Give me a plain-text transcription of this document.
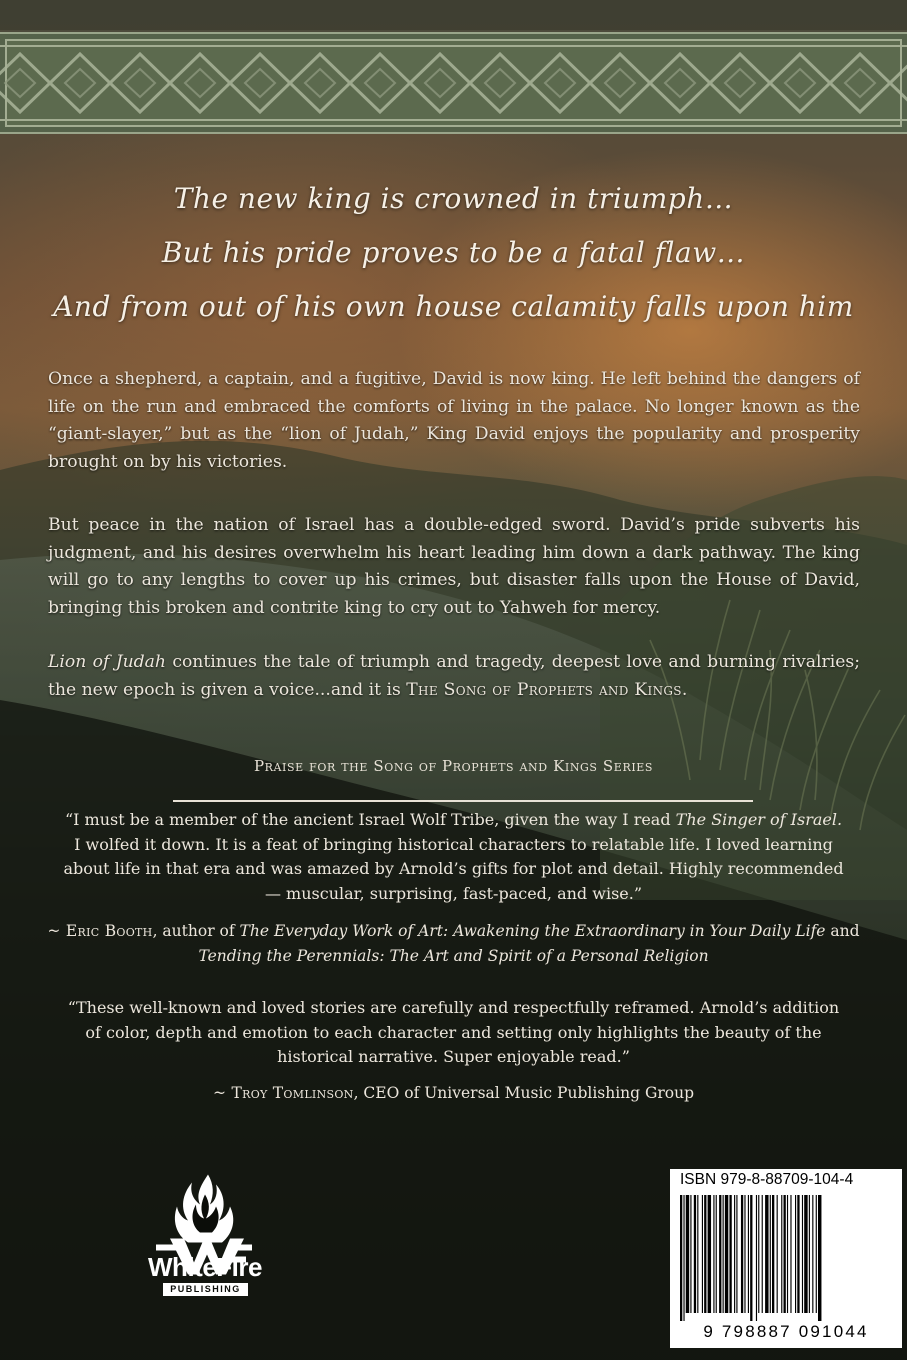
The new king is crowned in triumph…
But his pride proves to be a fatal flaw…
And from out of his own house calamity falls upon him
Once a shepherd, a captain, and a fugitive, David is now king. He left behind the dangers of life on the run and embraced the comforts of living in the palace. No longer known as the “giant-slayer,” but as the “lion of Judah,” King David enjoys the popularity and prosperity brought on by his victories.
But peace in the nation of Israel has a double-edged sword. David’s pride subverts his judgment, and his desires overwhelm his heart leading him down a dark pathway. The king will go to any lengths to cover up his crimes, but disaster falls upon the House of David, bringing this broken and contrite king to cry out to Yahweh for mercy.
Lion of Judah continues the tale of triumph and tragedy, deepest love and burning rivalries; the new epoch is given a voice...and it is The Song of Prophets and Kings.
Praise for the Song of Prophets and Kings Series
“I must be a member of the ancient Israel Wolf Tribe, given the way I read The Singer of Israel. I wolfed it down. It is a feat of bringing historical characters to relatable life. I loved learning about life in that era and was amazed by Arnold’s gifts for plot and detail. Highly recommended— muscular, surprising, fast-paced, and wise.”
~ Eric Booth, author of The Everyday Work of Art: Awakening the Extraordinary in Your Daily Life and Tending the Perennials: The Art and Spirit of a Personal Religion
“These well-known and loved stories are carefully and respectfully reframed. Arnold’s addition of color, depth and emotion to each character and setting only highlights the beauty of the historical narrative. Super enjoyable read.”
~ Troy Tomlinson, CEO of Universal Music Publishing Group
WhiteFire
PUBLISHING
ISBN 979-8-88709-104-4
9 798887 091044
